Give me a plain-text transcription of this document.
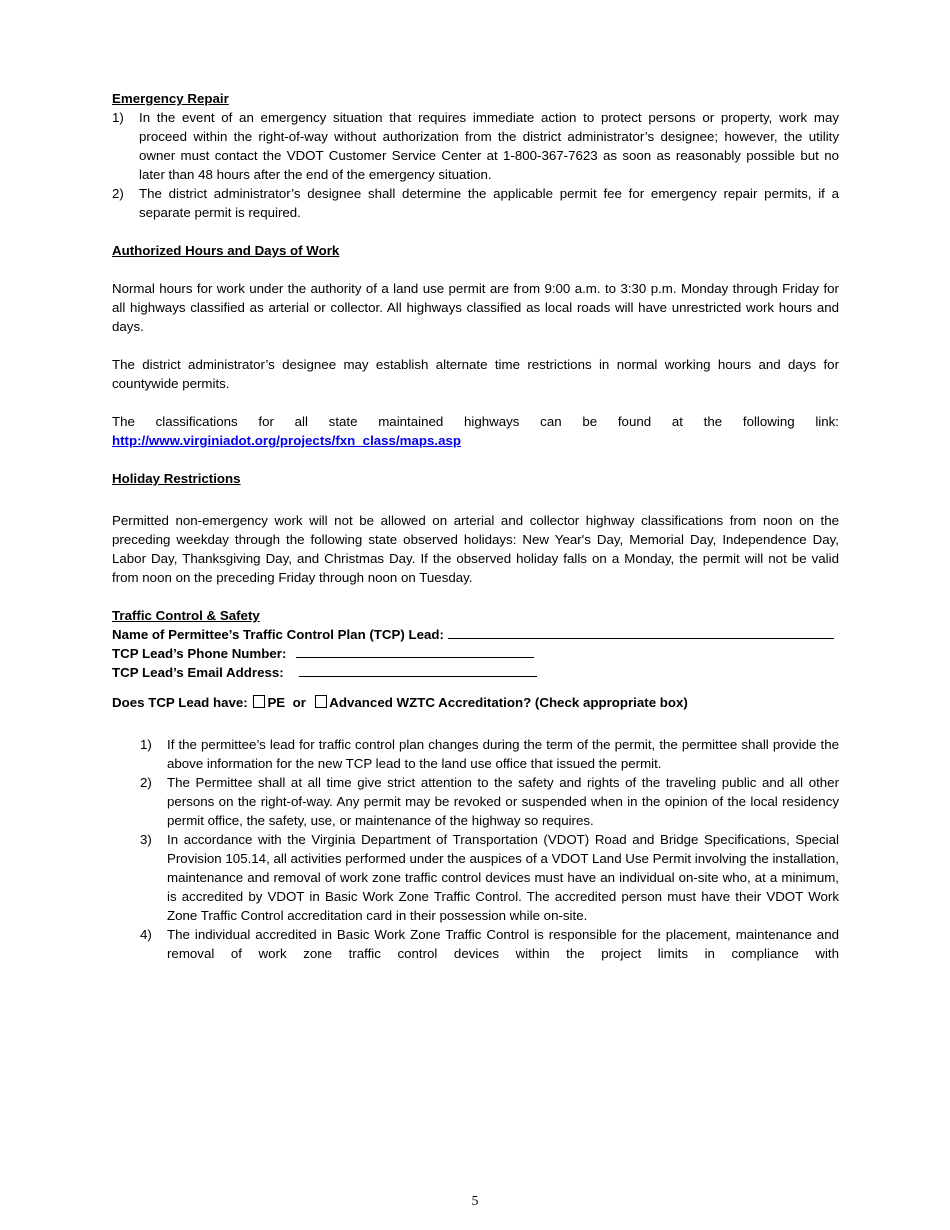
Emergency Repair

1)	In the event of an emergency situation that requires immediate action to protect persons or property, work may proceed within the right-of-way without authorization from the district administrator’s designee; however, the utility owner must contact the VDOT Customer Service Center at 1-800-367-7623 as soon as reasonably possible but no later than 48 hours after the end of the emergency situation.
2)	The district administrator’s designee shall determine the applicable permit fee for emergency repair permits, if a separate permit is required.

Authorized Hours and Days of Work

Normal hours for work under the authority of a land use permit are from 9:00 a.m. to 3:30 p.m. Monday through Friday for all highways classified as arterial or collector. All highways classified as local roads will have unrestricted work hours and days.

The district administrator’s designee may establish alternate time restrictions in normal working hours and days for countywide permits.

The classifications for all state maintained highways can be found at the following link:

http://www.virginiadot.org/projects/fxn_class/maps.asp

Holiday Restrictions

Permitted non-emergency work will not be allowed on arterial and collector highway classifications from noon on the preceding weekday through the following state observed holidays: New Year's Day, Memorial Day, Independence Day, Labor Day, Thanksgiving Day, and Christmas Day. If the observed holiday falls on a Monday, the permit will not be valid from noon on the preceding Friday through noon on Tuesday.

Traffic Control & Safety

Name of Permittee’s Traffic Control Plan (TCP) Lead:

TCP Lead’s Phone Number:

TCP Lead’s Email Address:

Does TCP Lead have: PE or Advanced WZTC Accreditation? (Check appropriate box)

1)	If the permittee’s lead for traffic control plan changes during the term of the permit, the permittee shall provide the above information for the new TCP lead to the land use office that issued the permit.
2)	The Permittee shall at all time give strict attention to the safety and rights of the traveling public and all other persons on the right-of-way. Any permit may be revoked or suspended when in the opinion of the local residency permit office, the safety, use, or maintenance of the highway so requires.
3)	In accordance with the Virginia Department of Transportation (VDOT) Road and Bridge Specifications, Special Provision 105.14, all activities performed under the auspices of a VDOT Land Use Permit involving the installation, maintenance and removal of work zone traffic control devices must have an individual on-site who, at a minimum, is accredited by VDOT in Basic Work Zone Traffic Control. The accredited person must have their VDOT Work Zone Traffic Control accreditation card in their possession while on-site.
4)	The individual accredited in Basic Work Zone Traffic Control is responsible for the placement, maintenance and removal of work zone traffic control devices within the project limits in compliance with
5
